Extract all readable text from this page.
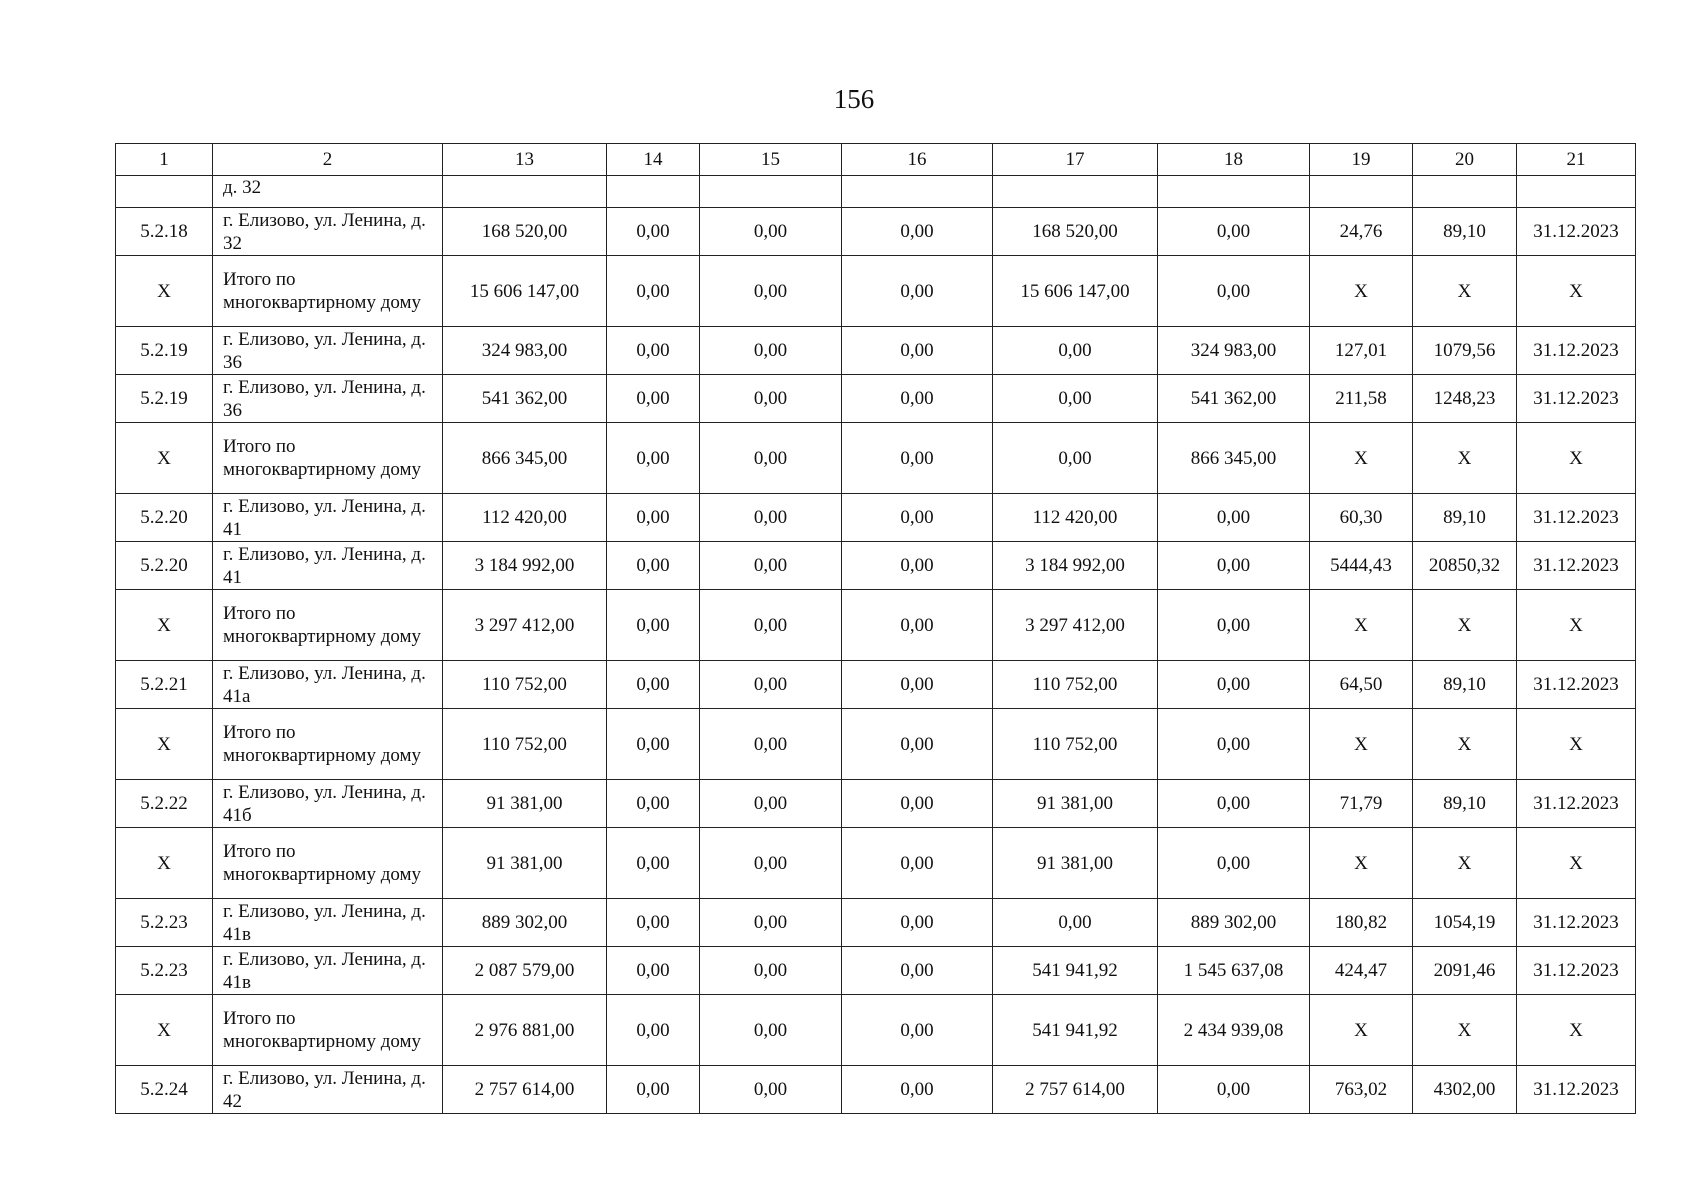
156
1	2	13	14	15	16	17	18	19	20	21
	д. 32									
5.2.18	г. Елизово, ул. Ленина, д. 32	168 520,00	0,00	0,00	0,00	168 520,00	0,00	24,76	89,10	31.12.2023
Х	Итого по многоквартирному дому	15 606 147,00	0,00	0,00	0,00	15 606 147,00	0,00	Х	Х	Х
5.2.19	г. Елизово, ул. Ленина, д. 36	324 983,00	0,00	0,00	0,00	0,00	324 983,00	127,01	1079,56	31.12.2023
5.2.19	г. Елизово, ул. Ленина, д. 36	541 362,00	0,00	0,00	0,00	0,00	541 362,00	211,58	1248,23	31.12.2023
Х	Итого по многоквартирному дому	866 345,00	0,00	0,00	0,00	0,00	866 345,00	Х	Х	Х
5.2.20	г. Елизово, ул. Ленина, д. 41	112 420,00	0,00	0,00	0,00	112 420,00	0,00	60,30	89,10	31.12.2023
5.2.20	г. Елизово, ул. Ленина, д. 41	3 184 992,00	0,00	0,00	0,00	3 184 992,00	0,00	5444,43	20850,32	31.12.2023
Х	Итого по многоквартирному дому	3 297 412,00	0,00	0,00	0,00	3 297 412,00	0,00	Х	Х	Х
5.2.21	г. Елизово, ул. Ленина, д. 41а	110 752,00	0,00	0,00	0,00	110 752,00	0,00	64,50	89,10	31.12.2023
Х	Итого по многоквартирному дому	110 752,00	0,00	0,00	0,00	110 752,00	0,00	Х	Х	Х
5.2.22	г. Елизово, ул. Ленина, д. 41б	91 381,00	0,00	0,00	0,00	91 381,00	0,00	71,79	89,10	31.12.2023
Х	Итого по многоквартирному дому	91 381,00	0,00	0,00	0,00	91 381,00	0,00	Х	Х	Х
5.2.23	г. Елизово, ул. Ленина, д. 41в	889 302,00	0,00	0,00	0,00	0,00	889 302,00	180,82	1054,19	31.12.2023
5.2.23	г. Елизово, ул. Ленина, д. 41в	2 087 579,00	0,00	0,00	0,00	541 941,92	1 545 637,08	424,47	2091,46	31.12.2023
Х	Итого по многоквартирному дому	2 976 881,00	0,00	0,00	0,00	541 941,92	2 434 939,08	Х	Х	Х
5.2.24	г. Елизово, ул. Ленина, д. 42	2 757 614,00	0,00	0,00	0,00	2 757 614,00	0,00	763,02	4302,00	31.12.2023
